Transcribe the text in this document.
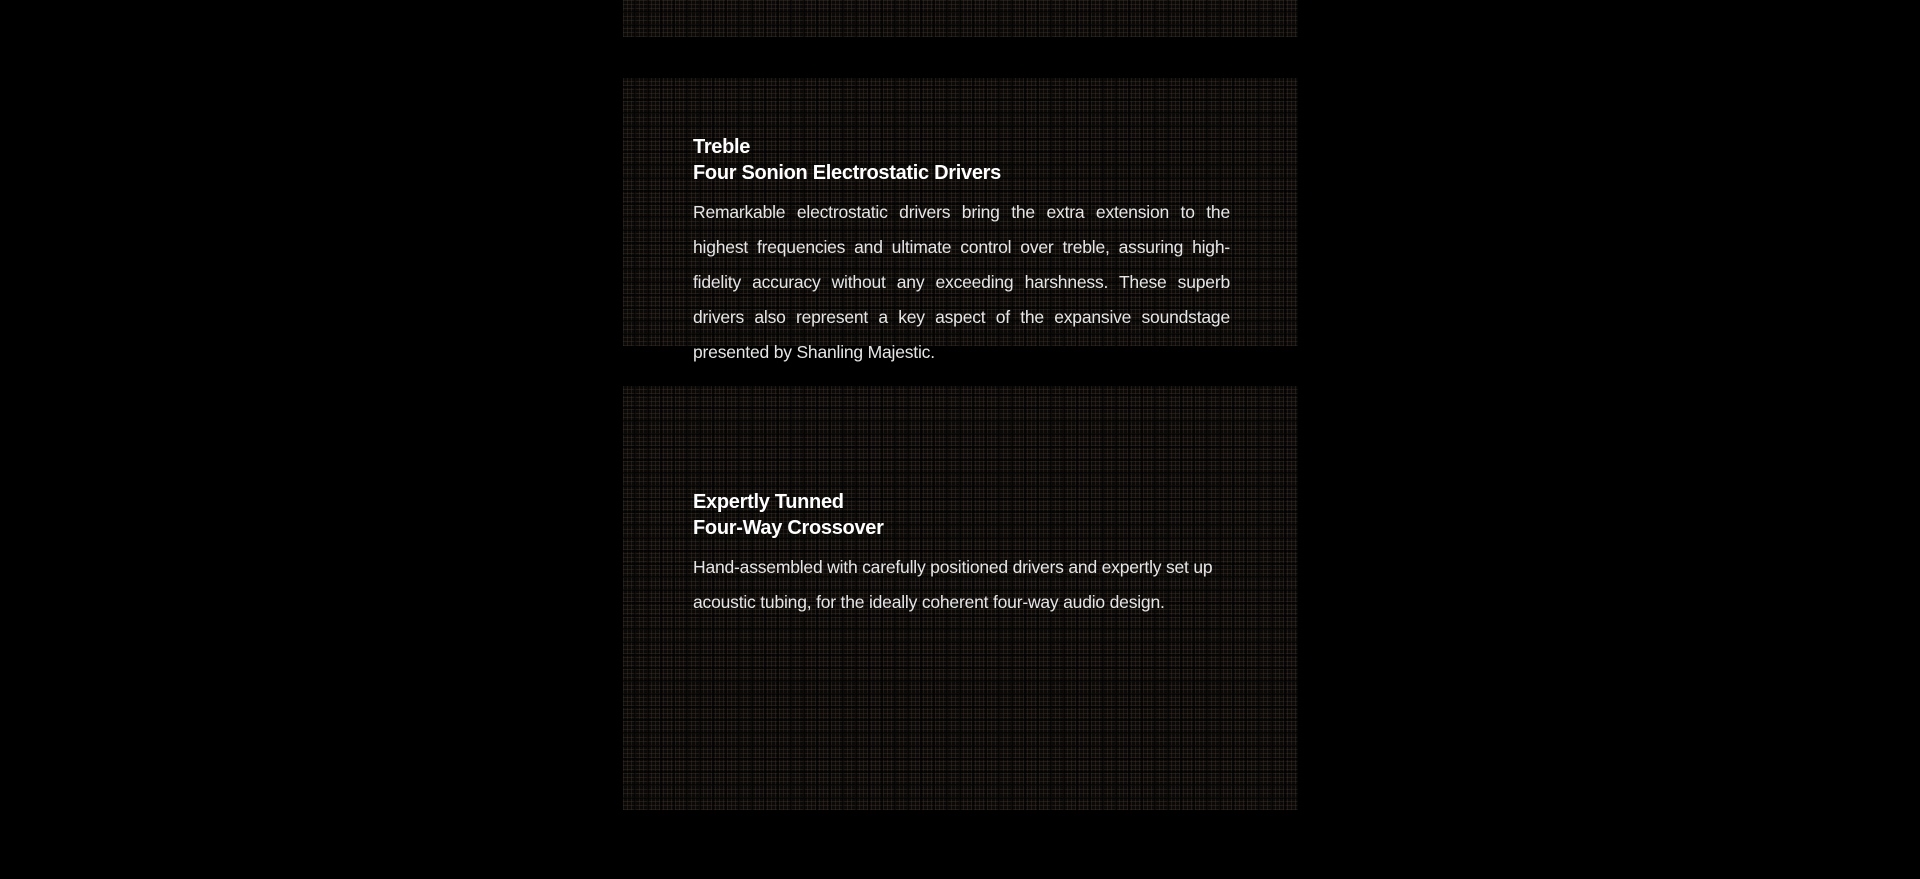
Treble
Four Sonion Electrostatic Drivers

Remarkable electrostatic drivers bring the extra extension to the highest frequencies and ultimate control over treble, assuring high-fidelity accuracy without any exceeding harshness. These superb drivers also represent a key aspect of the expansive soundstage presented by Shanling Majestic.

Expertly Tunned
Four-Way Crossover

Hand-assembled with carefully positioned drivers and expertly set up acoustic tubing, for the ideally coherent four-way audio design.
